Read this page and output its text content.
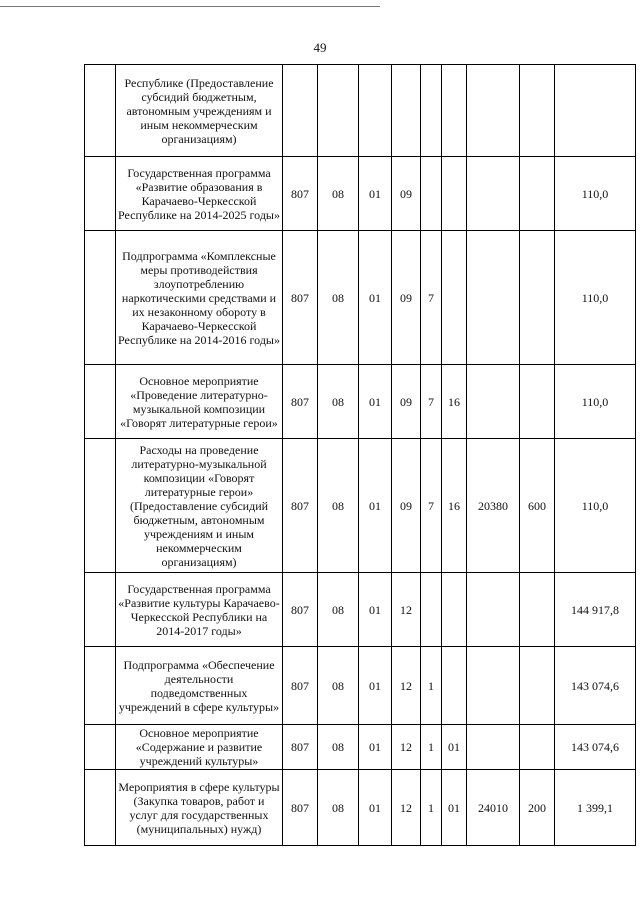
49
	Республике (Предоставление субсидий бюджетным, автономным учреждениям и иным некоммерческим организациям)									
	Государственная программа «Развитие образования в Карачаево-Черкесской Республике на 2014-2025 годы»	807	08	01	09					110,0
	Подпрограмма «Комплексные меры противодействия злоупотреблению наркотическими средствами и их незаконному обороту в Карачаево-Черкесской Республике на 2014-2016 годы»	807	08	01	09	7				110,0
	Основное мероприятие «Проведение литературно-музыкальной композиции «Говорят литературные герои»	807	08	01	09	7	16			110,0
	Расходы на проведение литературно-музыкальной композиции «Говорят литературные герои» (Предоставление субсидий бюджетным, автономным учреждениям и иным некоммерческим организациям)	807	08	01	09	7	16	20380	600	110,0
	Государственная программа «Развитие культуры Карачаево-Черкесской Республики на 2014-2017 годы»	807	08	01	12					144 917,8
	Подпрограмма «Обеспечение деятельности подведомственных учреждений в сфере культуры»	807	08	01	12	1				143 074,6
	Основное мероприятие «Содержание и развитие учреждений культуры»	807	08	01	12	1	01			143 074,6
	Мероприятия в сфере культуры (Закупка товаров, работ и услуг для государственных (муниципальных) нужд)	807	08	01	12	1	01	24010	200	1 399,1
